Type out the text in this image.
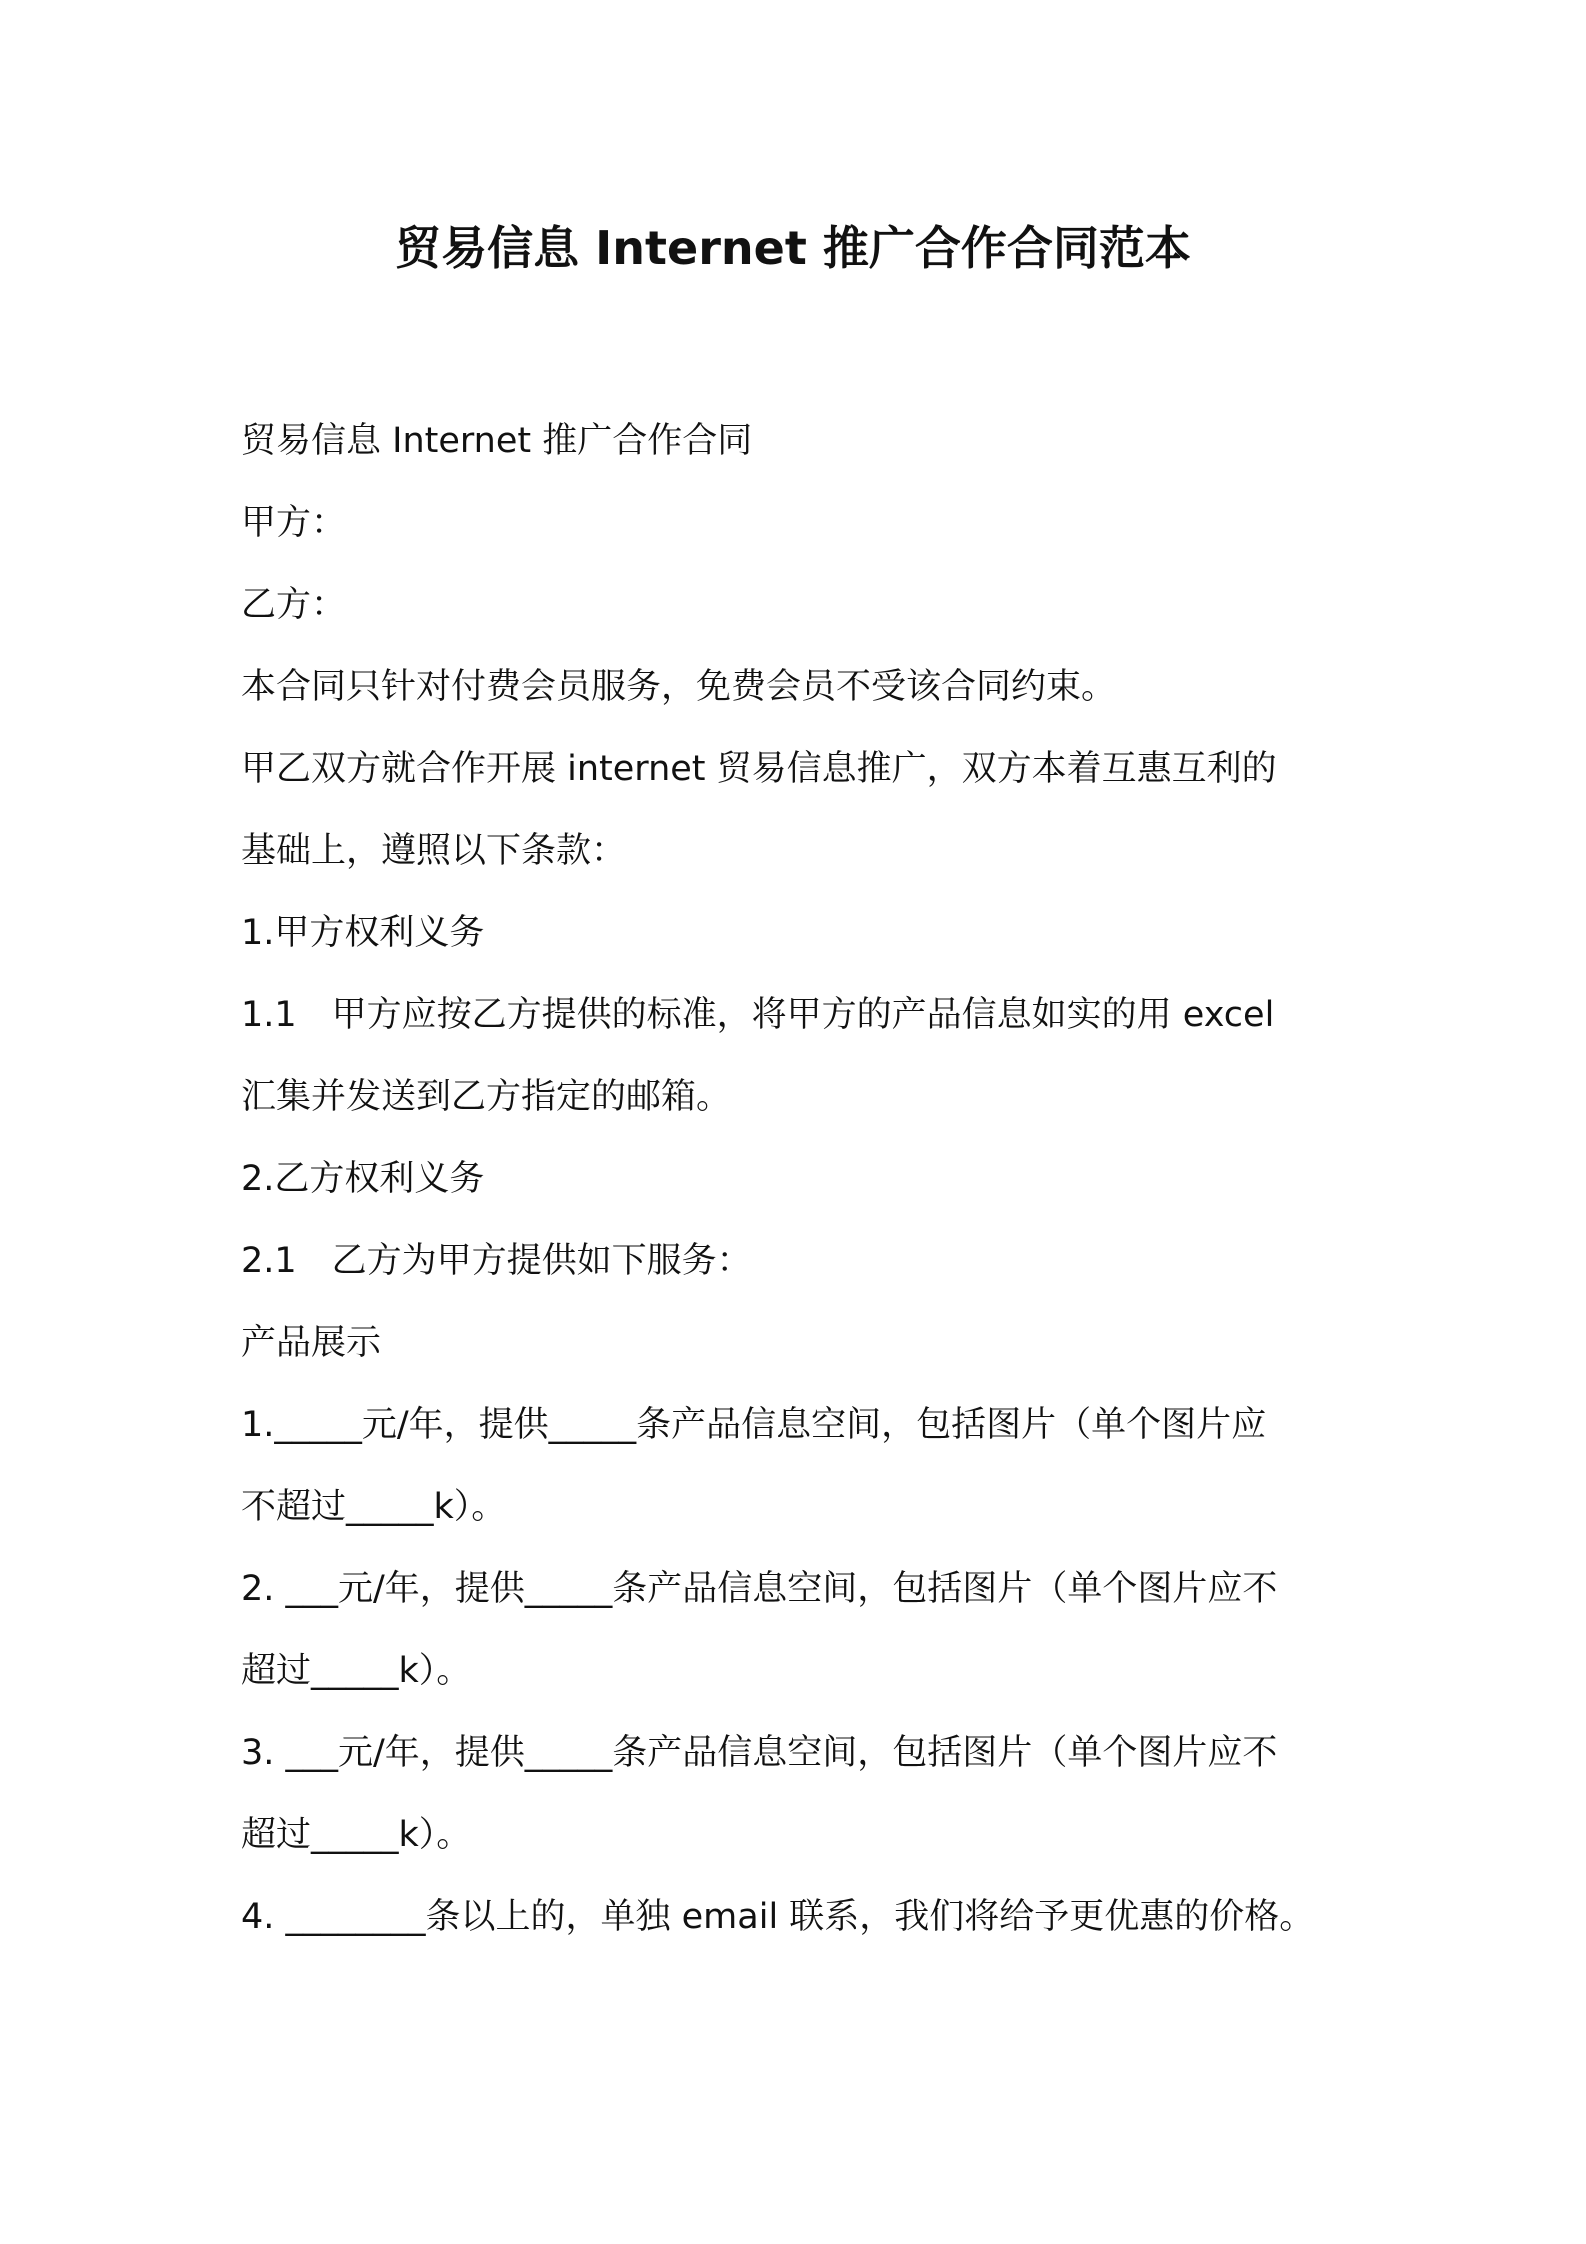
贸易信息 Internet 推广合作合同范本

贸易信息 Internet 推广合作合同

甲方：

乙方：

本合同只针对付费会员服务，免费会员不受该合同约束。

甲乙双方就合作开展 internet 贸易信息推广，双方本着互惠互利的

基础上，遵照以下条款：

1.甲方权利义务

1.1　甲方应按乙方提供的标准，将甲方的产品信息如实的用 excel

汇集并发送到乙方指定的邮箱。

2.乙方权利义务

2.1　乙方为甲方提供如下服务：

产品展示

1._____元/年，提供_____条产品信息空间，包括图片（单个图片应

不超过_____k）。

2. ___元/年，提供_____条产品信息空间，包括图片（单个图片应不

超过_____k）。

3. ___元/年，提供_____条产品信息空间，包括图片（单个图片应不

超过_____k）。

4. ________条以上的，单独 email 联系，我们将给予更优惠的价格。
